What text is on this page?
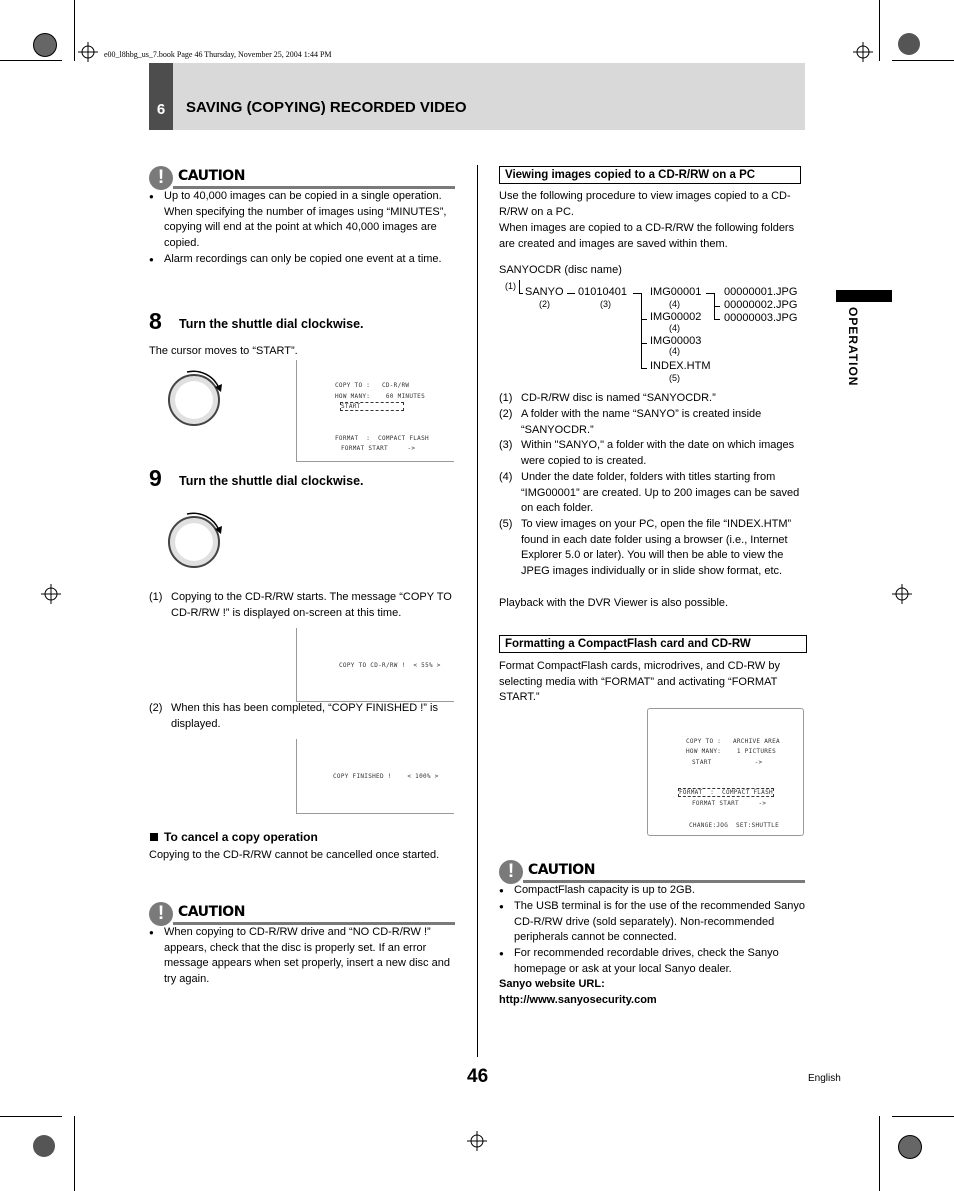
e00_l8hbg_us_7.book Page 46 Thursday, November 25, 2004 1:44 PM
6	SAVING (COPYING) RECORDED VIDEO
OPERATION
! CAUTION
● Up to 40,000 images can be copied in a single operation. When specifying the number of images using “MINUTES”, copying will end at the point at which 40,000 images are copied.
● Alarm recordings can only be copied one event at a time.
8 Turn the shuttle dial clockwise.
The cursor moves to “START”.
COPY TO :   CD-R/RW
HOW MANY:    60 MINUTES
START
FORMAT  :  COMPACT FLASH
FORMAT START     ->
9 Turn the shuttle dial clockwise.
(1) Copying to the CD-R/RW starts. The message “COPY TO CD-R/RW !” is displayed on-screen at this time.
COPY TO CD-R/RW !  < 55% >
(2) When this has been completed, “COPY FINISHED !” is displayed.
COPY FINISHED !    < 100% >
To cancel a copy operation
Copying to the CD-R/RW cannot be cancelled once started.
! CAUTION
● When copying to CD-R/RW drive and “NO CD-R/RW !” appears, check that the disc is properly set. If an error message appears when set properly, insert a new disc and try again.
Viewing images copied to a CD-R/RW on a PC
Use the following procedure to view images copied to a CD-R/RW on a PC.
When images are copied to a CD-R/RW the following folders are created and images are saved within them.
SANYOCDR (disc name)
(1) SANYO 01010401
(2)	(3)
IMG00001
(4)
IMG00002
(4)
IMG00003
(4)
INDEX.HTM
(5)
00000001.JPG
00000002.JPG
00000003.JPG
(1) CD-R/RW disc is named “SANYOCDR.”
(2) A folder with the name “SANYO” is created inside “SANYOCDR.”
(3) Within "SANYO," a folder with the date on which images were copied to is created.
(4) Under the date folder, folders with titles starting from “IMG00001” are created. Up to 200 images can be saved on each folder.
(5) To view images on your PC, open the file “INDEX.HTM” found in each date folder using a browser (i.e., Internet Explorer 5.0 or later). You will then be able to view the JPEG images individually or in slide show format, etc.
Playback with the DVR Viewer is also possible.
Formatting a CompactFlash card and CD-RW
Format CompactFlash cards, microdrives, and CD-RW by selecting media with “FORMAT” and activating “FORMAT START.”
COPY TO :   ARCHIVE AREA
HOW MANY:    1 PICTURES
START           ->
FORMAT  :  COMPACT FLASH
FORMAT START     ->
CHANGE:JOG  SET:SHUTTLE
! CAUTION
● CompactFlash capacity is up to 2GB.
● The USB terminal is for the use of the recommended Sanyo CD-R/RW drive (sold separately). Non-recommended peripherals cannot be connected.
● For recommended recordable drives, check the Sanyo homepage or ask at your local Sanyo dealer.
Sanyo website URL:
http://www.sanyosecurity.com
46	English
